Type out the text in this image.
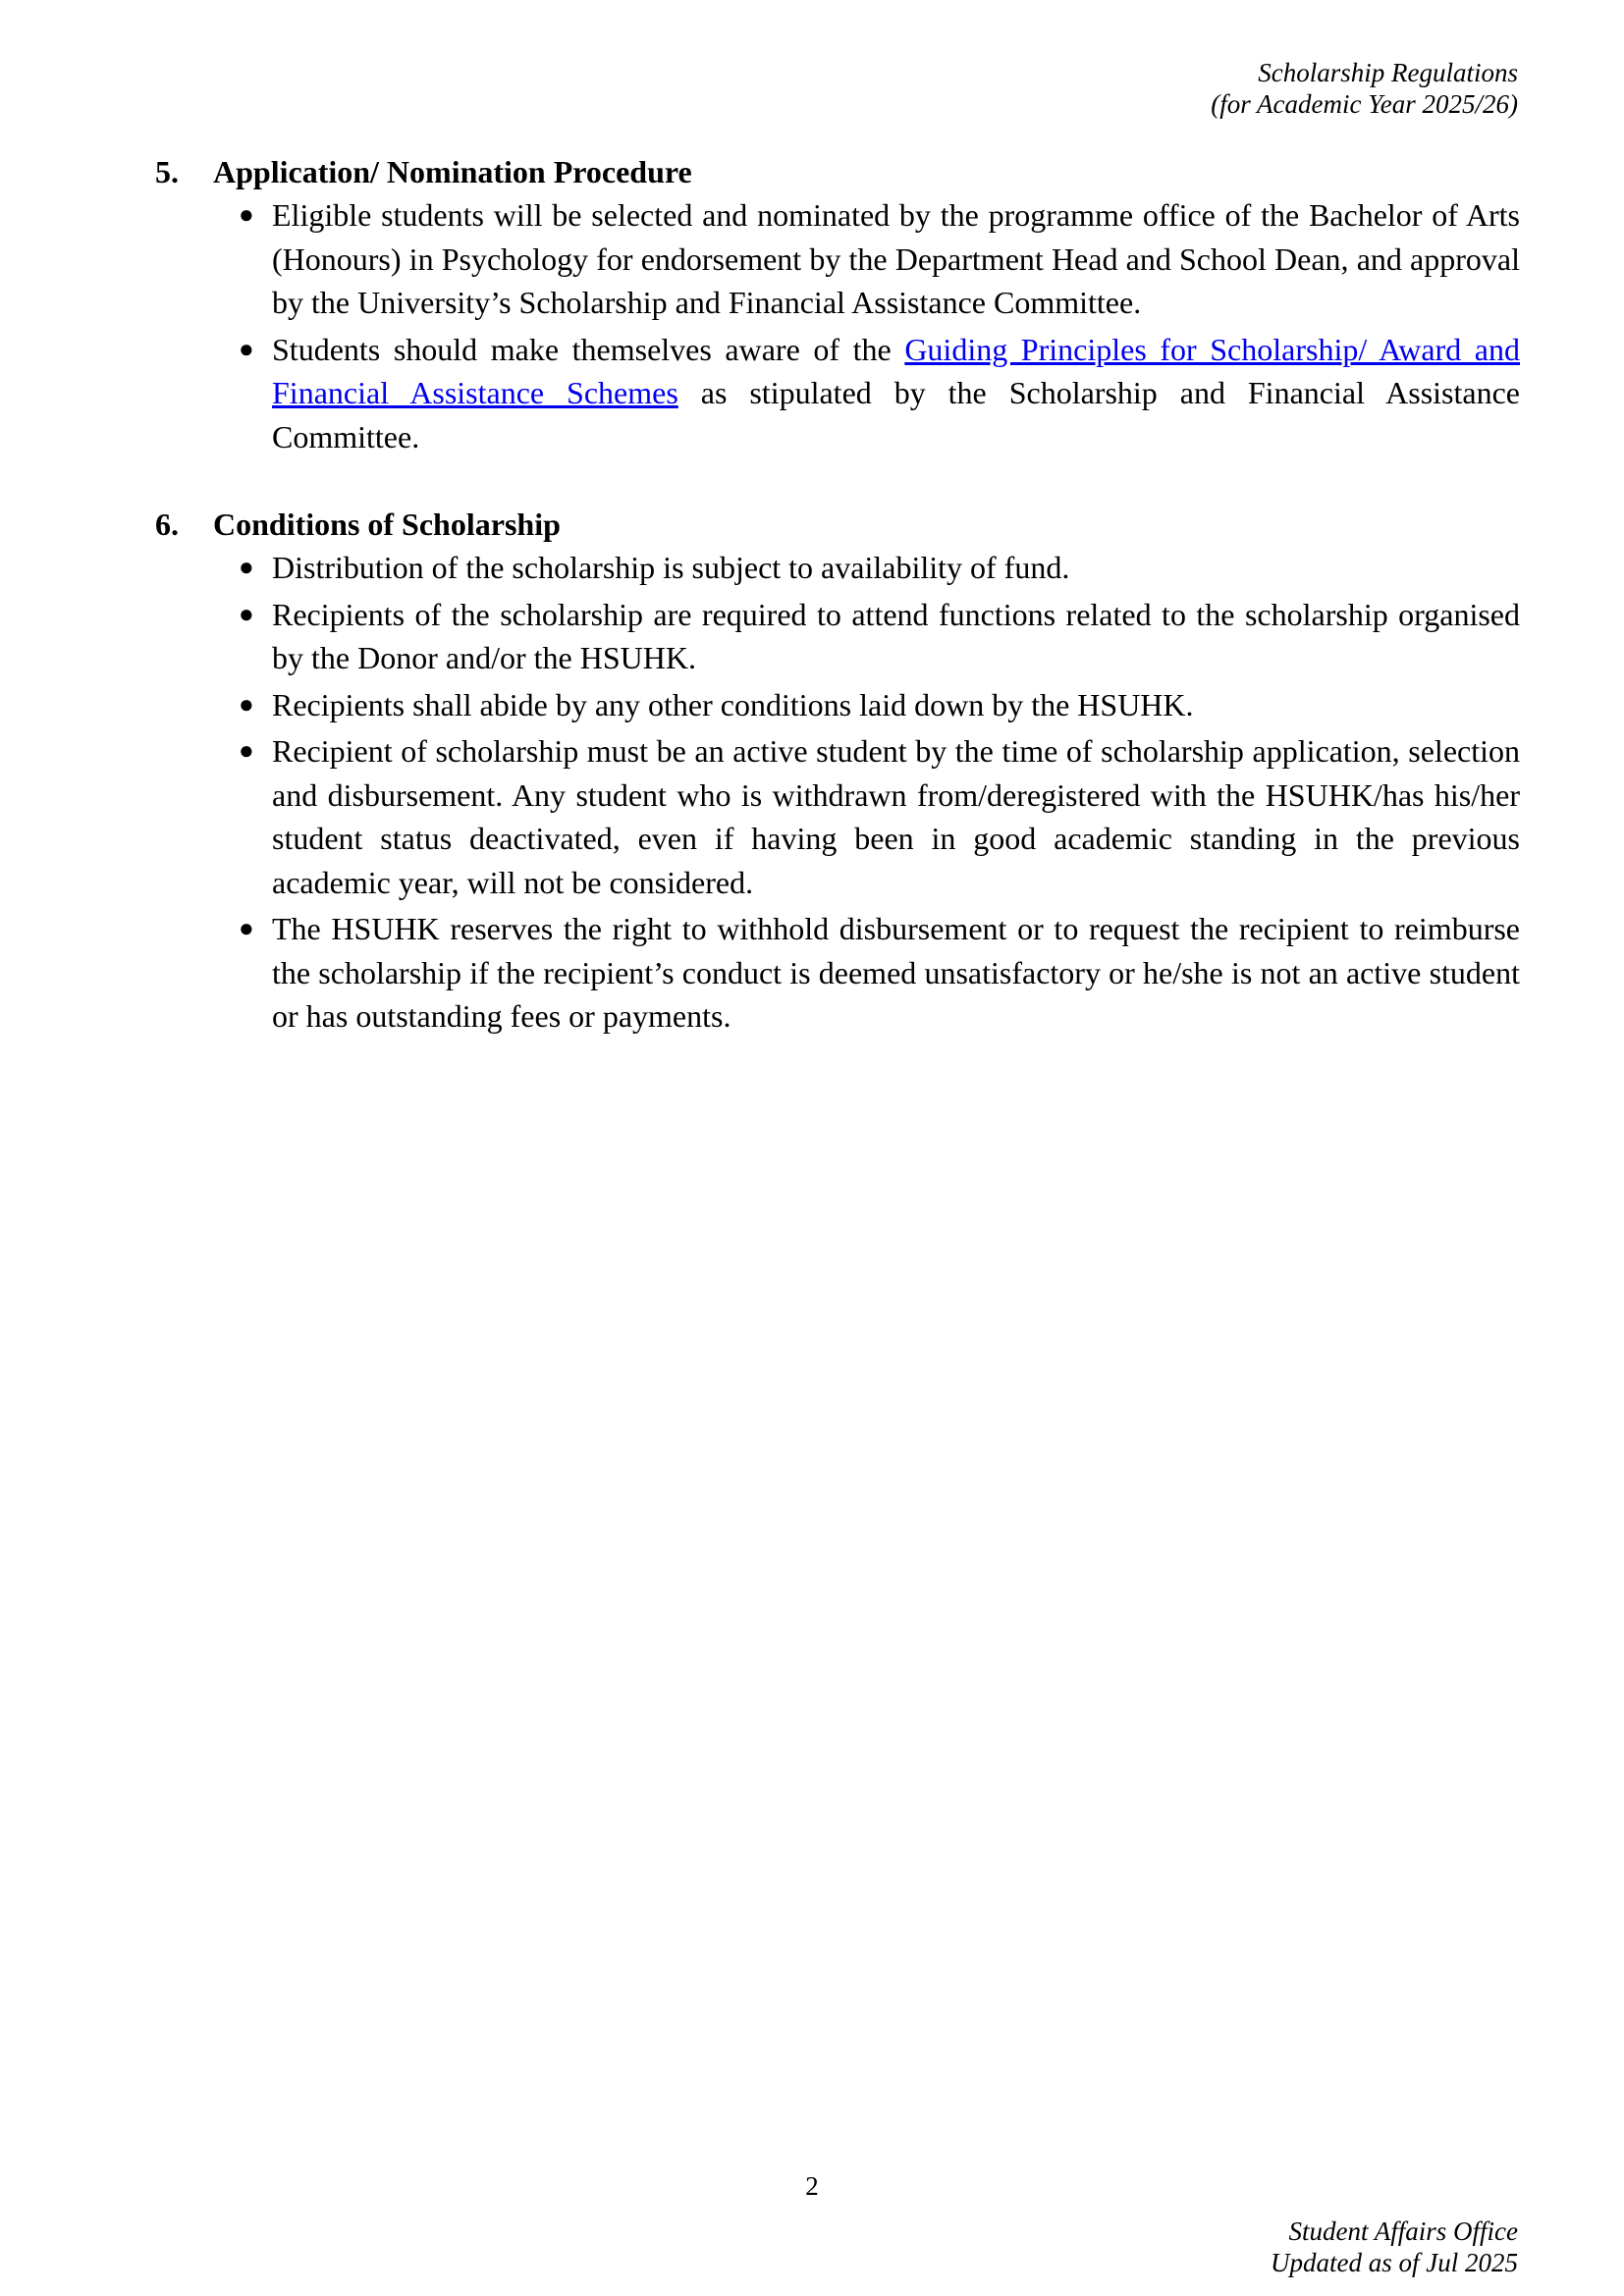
Scholarship Regulations
(for Academic Year 2025/26)
5.	Application/ Nomination Procedure
● Eligible students will be selected and nominated by the programme office of the Bachelor of Arts (Honours) in Psychology for endorsement by the Department Head and School Dean, and approval by the University’s Scholarship and Financial Assistance Committee.
● Students should make themselves aware of the Guiding Principles for Scholarship/ Award and Financial Assistance Schemes as stipulated by the Scholarship and Financial Assistance Committee.
6.	Conditions of Scholarship
● Distribution of the scholarship is subject to availability of fund.
● Recipients of the scholarship are required to attend functions related to the scholarship organised by the Donor and/or the HSUHK.
● Recipients shall abide by any other conditions laid down by the HSUHK.
● Recipient of scholarship must be an active student by the time of scholarship application, selection and disbursement. Any student who is withdrawn from/deregistered with the HSUHK/has his/her student status deactivated, even if having been in good academic standing in the previous academic year, will not be considered.
● The HSUHK reserves the right to withhold disbursement or to request the recipient to reimburse the scholarship if the recipient’s conduct is deemed unsatisfactory or he/she is not an active student or has outstanding fees or payments.
2
Student Affairs Office
Updated as of Jul 2025
